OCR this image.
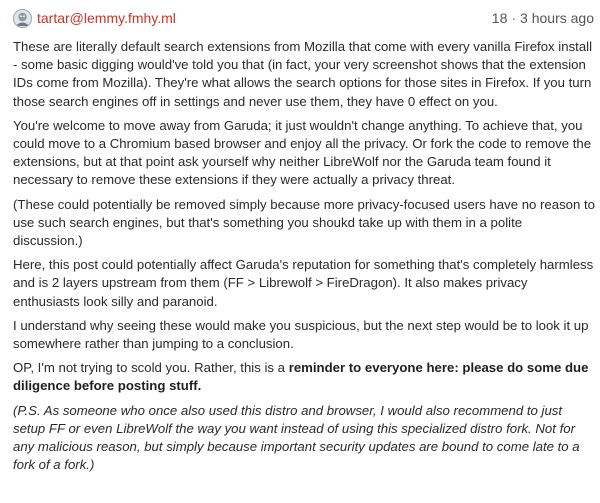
tartar@lemmy.fmhy.ml	18 · 3 hours ago

These are literally default search extensions from Mozilla that come with every vanilla Firefox install - some basic digging would've told you that (in fact, your very screenshot shows that the extension IDs come from Mozilla). They're what allows the search options for those sites in Firefox. If you turn those search engines off in settings and never use them, they have 0 effect on you.

You're welcome to move away from Garuda; it just wouldn't change anything. To achieve that, you could move to a Chromium based browser and enjoy all the privacy. Or fork the code to remove the extensions, but at that point ask yourself why neither LibreWolf nor the Garuda team found it necessary to remove these extensions if they were actually a privacy threat.

(These could potentially be removed simply because more privacy-focused users have no reason to use such search engines, but that's something you shoukd take up with them in a polite discussion.)

Here, this post could potentially affect Garuda's reputation for something that's completely harmless and is 2 layers upstream from them (FF > Librewolf > FireDragon). It also makes privacy enthusiasts look silly and paranoid.

I understand why seeing these would make you suspicious, but the next step would be to look it up somewhere rather than jumping to a conclusion.

OP, I'm not trying to scold you. Rather, this is a reminder to everyone here: please do some due diligence before posting stuff.

(P.S. As someone who once also used this distro and browser, I would also recommend to just setup FF or even LibreWolf the way you want instead of using this specialized distro fork. Not for any malicious reason, but simply because important security updates are bound to come late to a fork of a fork.)
